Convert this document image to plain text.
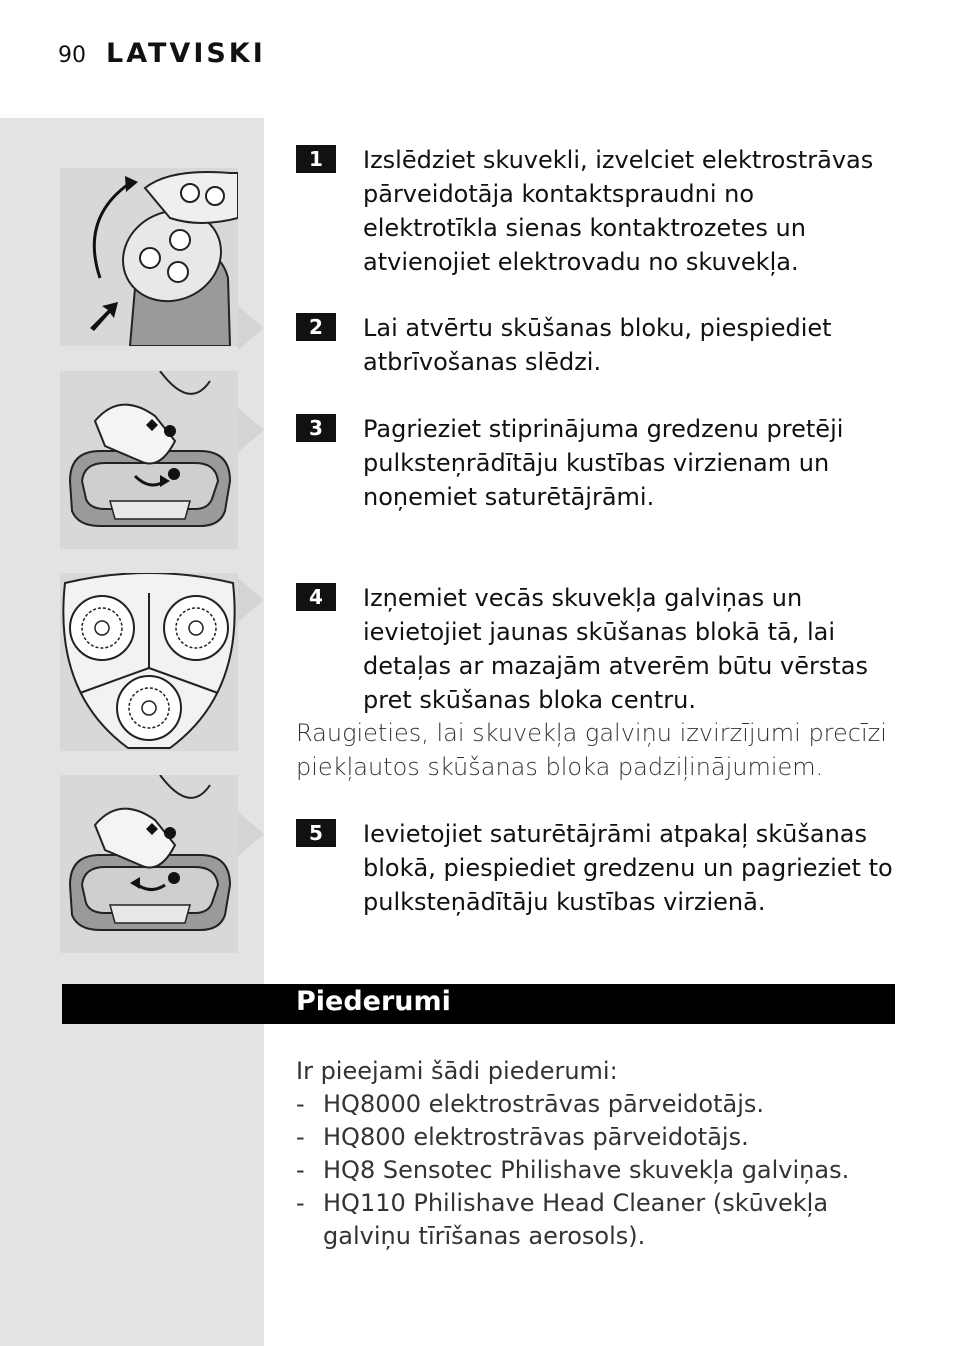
90 LATVISKI
1	Izslēdziet skuvekli, izvelciet elektrostrāvas pārveidotāja kontaktspraudni no elektrotīkla sienas kontaktrozetes un atvienojiet elektrovadu no skuvekļa.
2	Lai atvērtu skūšanas bloku, piespiediet atbrīvošanas slēdzi.
3	Pagrieziet stiprinājuma gredzenu pretēji pulksteņrādītāju kustības virzienam un noņemiet saturētājrāmi.
4	Izņemiet vecās skuvekļa galviņas un ievietojiet jaunas skūšanas blokā tā, lai detaļas ar mazajām atverēm būtu vērstas pret skūšanas bloka centru.
Raugieties, lai skuvekļa galviņu izvirzījumi precīzi piekļautos skūšanas bloka padziļinājumiem.
5	Ievietojiet saturētājrāmi atpakaļ skūšanas blokā, piespiediet gredzenu un pagrieziet to pulksteņādītāju kustības virzienā.
Piederumi
Ir pieejami šādi piederumi:
- HQ8000 elektrostrāvas pārveidotājs.
- HQ800 elektrostrāvas pārveidotājs.
- HQ8 Sensotec Philishave skuvekļa galviņas.
- HQ110 Philishave Head Cleaner (skūvekļa galviņu tīrīšanas aerosols).
